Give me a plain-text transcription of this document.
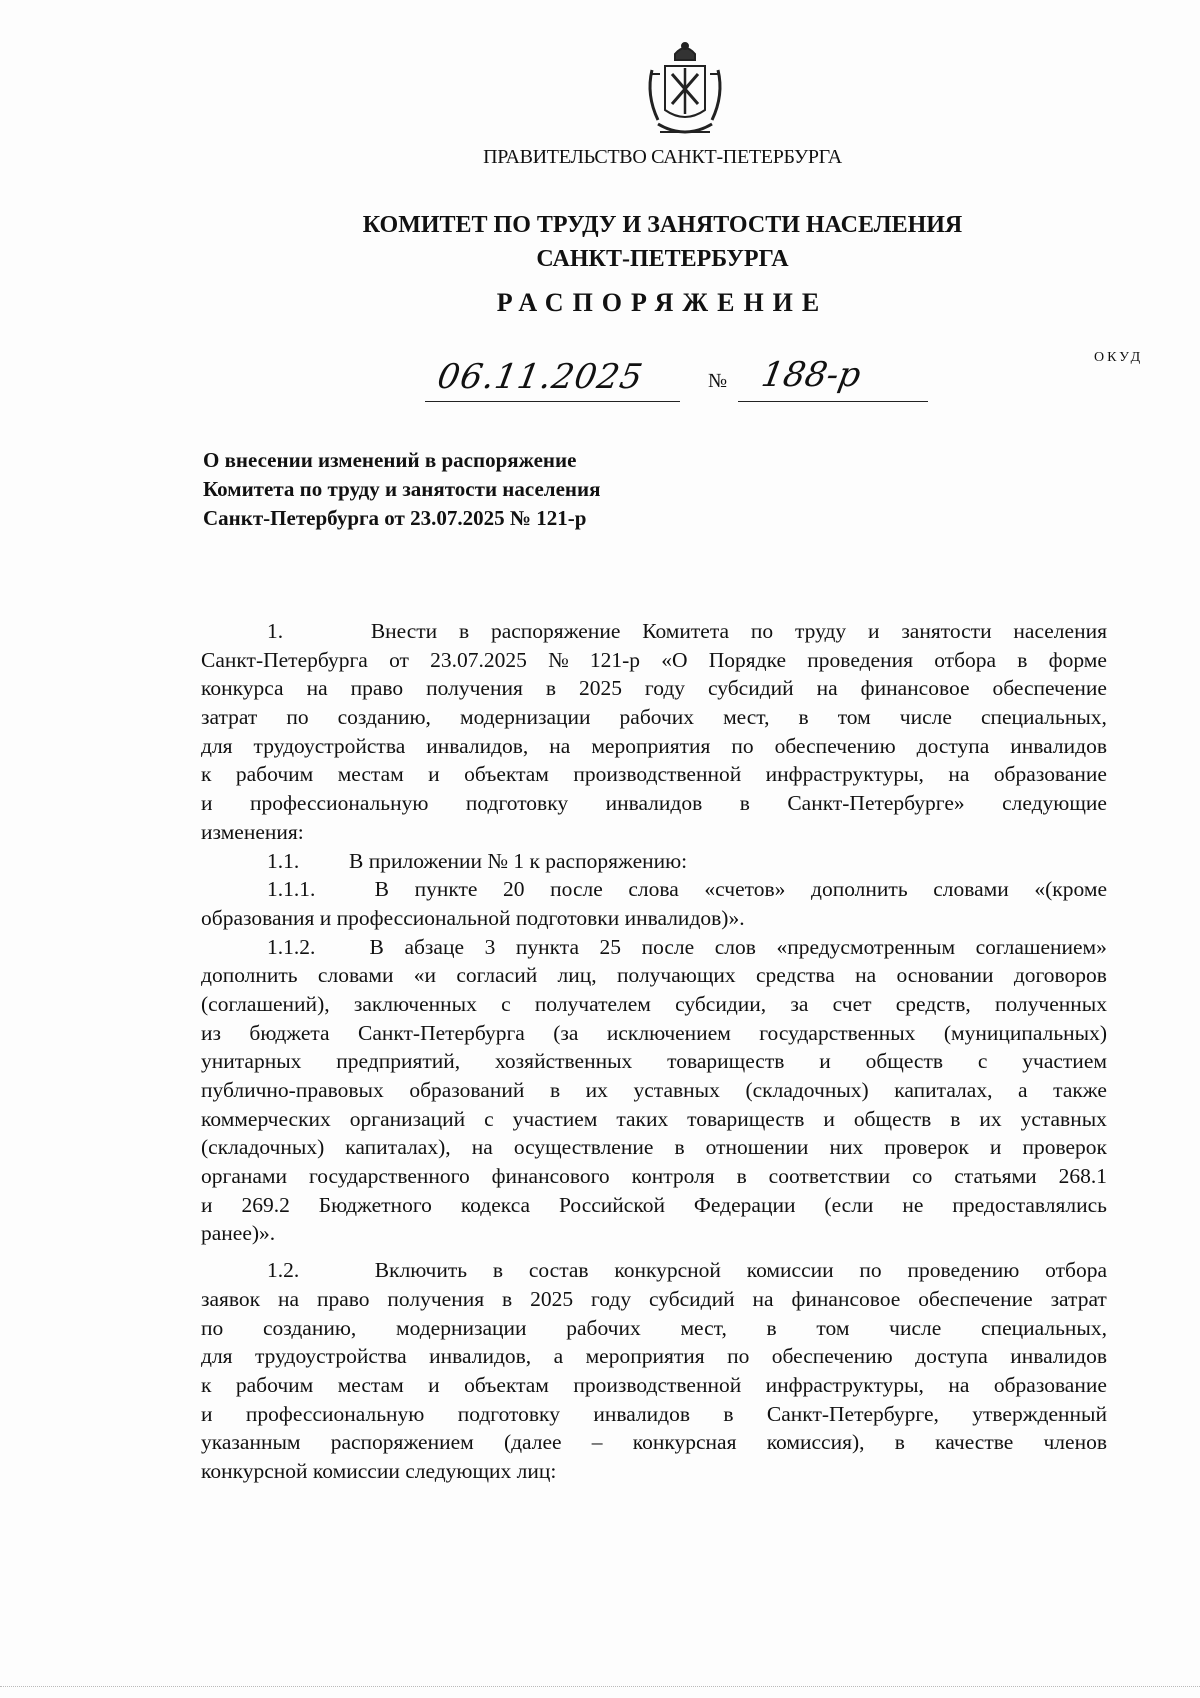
ПРАВИТЕЛЬСТВО САНКТ-ПЕТЕРБУРГА
КОМИТЕТ ПО ТРУДУ И ЗАНЯТОСТИ НАСЕЛЕНИЯ
САНКТ-ПЕТЕРБУРГА
РАСПОРЯЖЕНИЕ
ОКУД
06.11.2025	№ 188-р
О внесении изменений в распоряжение
Комитета по труду и занятости населения
Санкт-Петербурга от 23.07.2025 № 121-р
1.	Внести в распоряжение Комитета по труду и занятости населения
Санкт-Петербурга от 23.07.2025 № 121-р «О Порядке проведения отбора в форме
конкурса на право получения в 2025 году субсидий на финансовое обеспечение
затрат по созданию, модернизации рабочих мест, в том числе специальных,
для трудоустройства инвалидов, на мероприятия по обеспечению доступа инвалидов
к рабочим местам и объектам производственной инфраструктуры, на образование
и профессиональную подготовку инвалидов в Санкт-Петербурге» следующие
изменения:
1.1.	В приложении № 1 к распоряжению:
1.1.1.	В пункте 20 после слова «счетов» дополнить словами «(кроме
образования и профессиональной подготовки инвалидов)».
1.1.2.	В абзаце 3 пункта 25 после слов «предусмотренным соглашением»
дополнить словами «и согласий лиц, получающих средства на основании договоров
(соглашений), заключенных с получателем субсидии, за счет средств, полученных
из бюджета Санкт-Петербурга (за исключением государственных (муниципальных)
унитарных предприятий, хозяйственных товариществ и обществ с участием
публично-правовых образований в их уставных (складочных) капиталах, а также
коммерческих организаций с участием таких товариществ и обществ в их уставных
(складочных) капиталах), на осуществление в отношении них проверок и проверок
органами государственного финансового контроля в соответствии со статьями 268.1
и 269.2 Бюджетного кодекса Российской Федерации (если не предоставлялись
ранее)».
1.2.	Включить в состав конкурсной комиссии по проведению отбора
заявок на право получения в 2025 году субсидий на финансовое обеспечение затрат
по созданию, модернизации рабочих мест, в том числе специальных,
для трудоустройства инвалидов, а мероприятия по обеспечению доступа инвалидов
к рабочим местам и объектам производственной инфраструктуры, на образование
и профессиональную подготовку инвалидов в Санкт-Петербурге, утвержденный
указанным распоряжением (далее – конкурсная комиссия), в качестве членов
конкурсной комиссии следующих лиц:
